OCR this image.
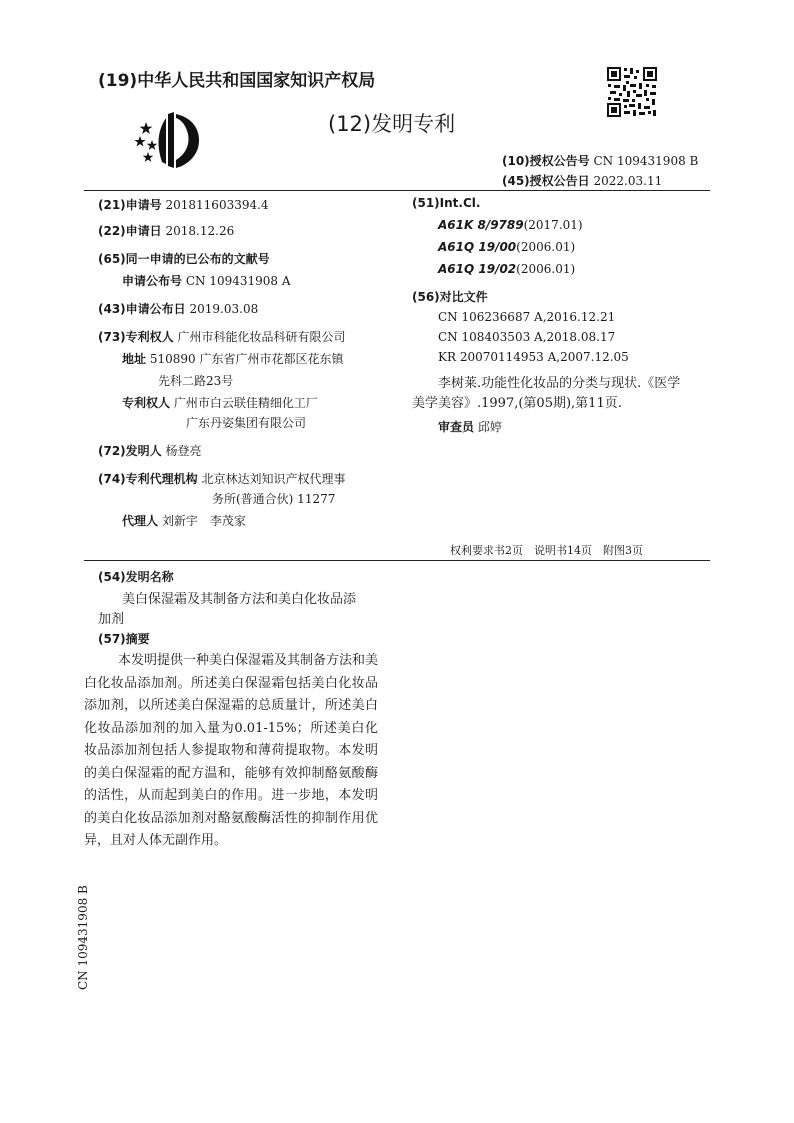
(19)中华人民共和国国家知识产权局
(12)发明专利
(10)授权公告号 CN 109431908 B
(45)授权公告日 2022.03.11
(21)申请号 201811603394.4
(22)申请日 2018.12.26
(65)同一申请的已公布的文献号
申请公布号 CN 109431908 A
(43)申请公布日 2019.03.08
(73)专利权人 广州市科能化妆品科研有限公司
地址 510890 广东省广州市花都区花东镇
先科二路23号
专利权人 广州市白云联佳精细化工厂
广东丹姿集团有限公司
(72)发明人 杨登亮
(74)专利代理机构 北京林达刘知识产权代理事
务所(普通合伙) 11277
代理人 刘新宇　李茂家
(51)Int.Cl.
A61K 8/9789(2017.01)
A61Q 19/00(2006.01)
A61Q 19/02(2006.01)
(56)对比文件
CN 106236687 A,2016.12.21
CN 108403503 A,2018.08.17
KR 20070114953 A,2007.12.05
李树莱.功能性化妆品的分类与现状.《医学
美学美容》.1997,(第05期),第11页.
审查员 邱婷
权利要求书2页　说明书14页　附图3页
(54)发明名称
美白保湿霜及其制备方法和美白化妆品添
加剂
(57)摘要
本发明提供一种美白保湿霜及其制备方法和美白化妆品添加剂。所述美白保湿霜包括美白化妆品添加剂，以所述美白保湿霜的总质量计，所述美白化妆品添加剂的加入量为0.01-15%；所述美白化妆品添加剂包括人参提取物和薄荷提取物。本发明的美白保湿霜的配方温和，能够有效抑制酪氨酸酶的活性，从而起到美白的作用。进一步地，本发明的美白化妆品添加剂对酪氨酸酶活性的抑制作用优异，且对人体无副作用。
CN 109431908 B
